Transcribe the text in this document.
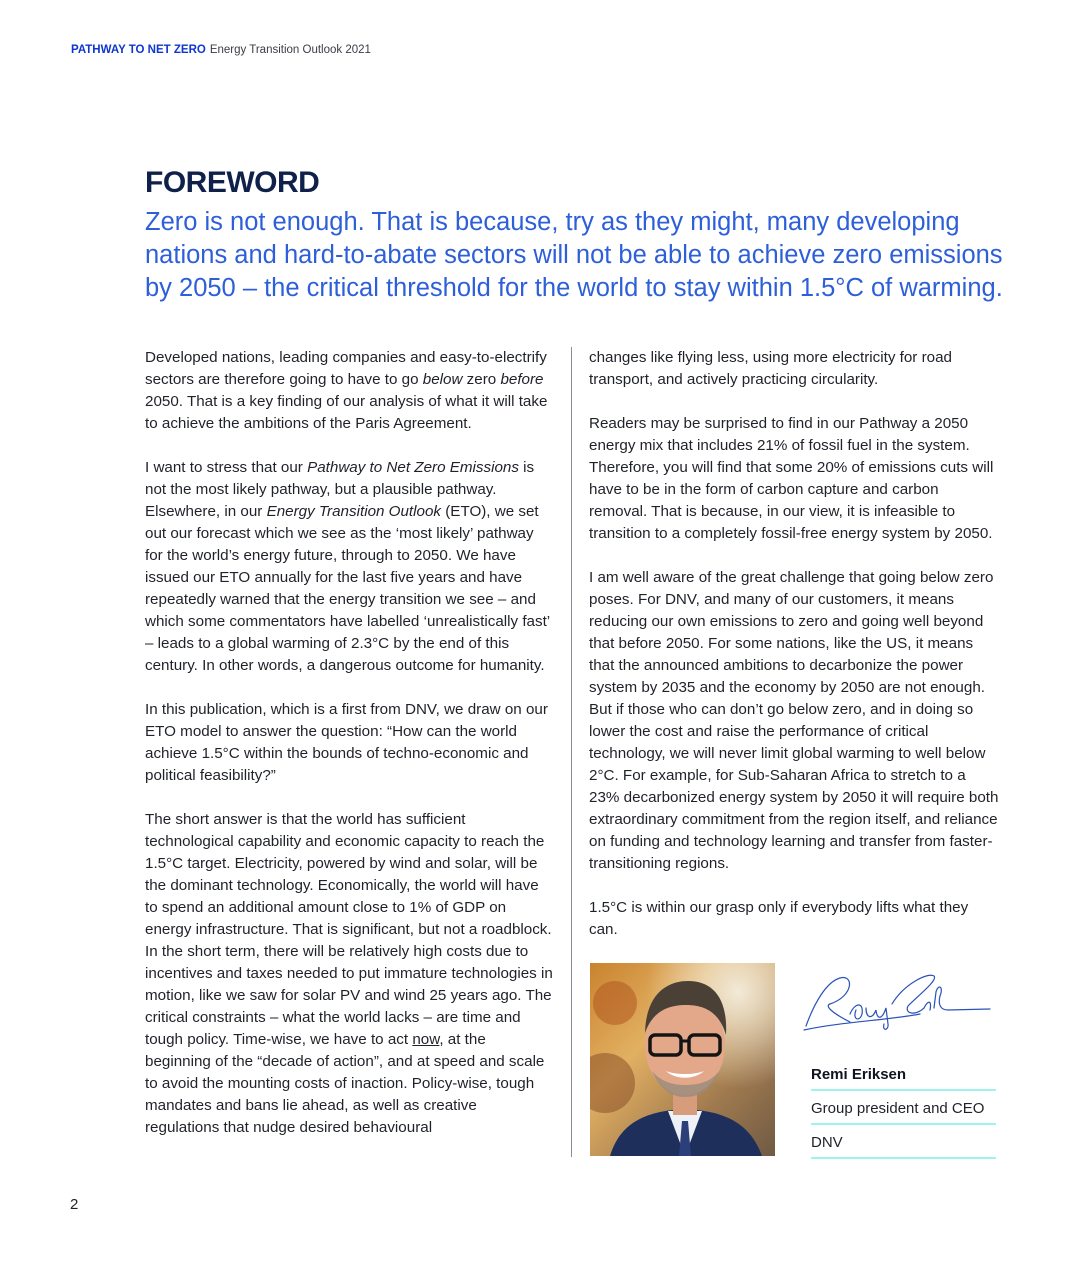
PATHWAY TO NET ZERO Energy Transition Outlook 2021
FOREWORD
Zero is not enough. That is because, try as they might, many developing nations and hard-to-abate sectors will not be able to achieve zero emissions by 2050 – the critical threshold for the world to stay within 1.5°C of warming.

Developed nations, leading companies and easy-to-electrify sectors are therefore going to have to go below zero before 2050. That is a key finding of our analysis of what it will take to achieve the ambitions of the Paris Agreement.

I want to stress that our Pathway to Net Zero Emissions is not the most likely pathway, but a plausible pathway. Elsewhere, in our Energy Transition Outlook (ETO), we set out our forecast which we see as the ‘most likely’ pathway for the world’s energy future, through to 2050. We have issued our ETO annually for the last five years and have repeatedly warned that the energy transition we see – and which some commentators have labelled ‘unrealistically fast’ – leads to a global warming of 2.3°C by the end of this century. In other words, a dangerous outcome for humanity.

In this publication, which is a first from DNV, we draw on our ETO model to answer the question: “How can the world achieve 1.5°C within the bounds of techno-economic and political feasibility?”

The short answer is that the world has sufficient technological capability and economic capacity to reach the 1.5°C target. Electricity, powered by wind and solar, will be the dominant technology. Economically, the world will have to spend an additional amount close to 1% of GDP on energy infrastructure. That is significant, but not a roadblock. In the short term, there will be relatively high costs due to incentives and taxes needed to put immature technologies in motion, like we saw for solar PV and wind 25 years ago. The critical constraints – what the world lacks – are time and tough policy. Time-wise, we have to act now, at the beginning of the “decade of action”, and at speed and scale to avoid the mounting costs of inaction. Policy-wise, tough mandates and bans lie ahead, as well as creative regulations that nudge desired behavioural

changes like flying less, using more electricity for road transport, and actively practicing circularity.

Readers may be surprised to find in our Pathway a 2050 energy mix that includes 21% of fossil fuel in the system. Therefore, you will find that some 20% of emissions cuts will have to be in the form of carbon capture and carbon removal. That is because, in our view, it is infeasible to transition to a completely fossil-free energy system by 2050.

I am well aware of the great challenge that going below zero poses. For DNV, and many of our customers, it means reducing our own emissions to zero and going well beyond that before 2050. For some nations, like the US, it means that the announced ambitions to decarbonize the power system by 2035 and the economy by 2050 are not enough. But if those who can don’t go below zero, and in doing so lower the cost and raise the performance of critical technology, we will never limit global warming to well below 2°C. For example, for Sub-Saharan Africa to stretch to a 23% decarbonized energy system by 2050 it will require both extraordinary commitment from the region itself, and reliance on funding and technology learning and transfer from faster-transitioning regions.

1.5°C is within our grasp only if everybody lifts what they can.

Remi Eriksen
Group president and CEO
DNV
2
